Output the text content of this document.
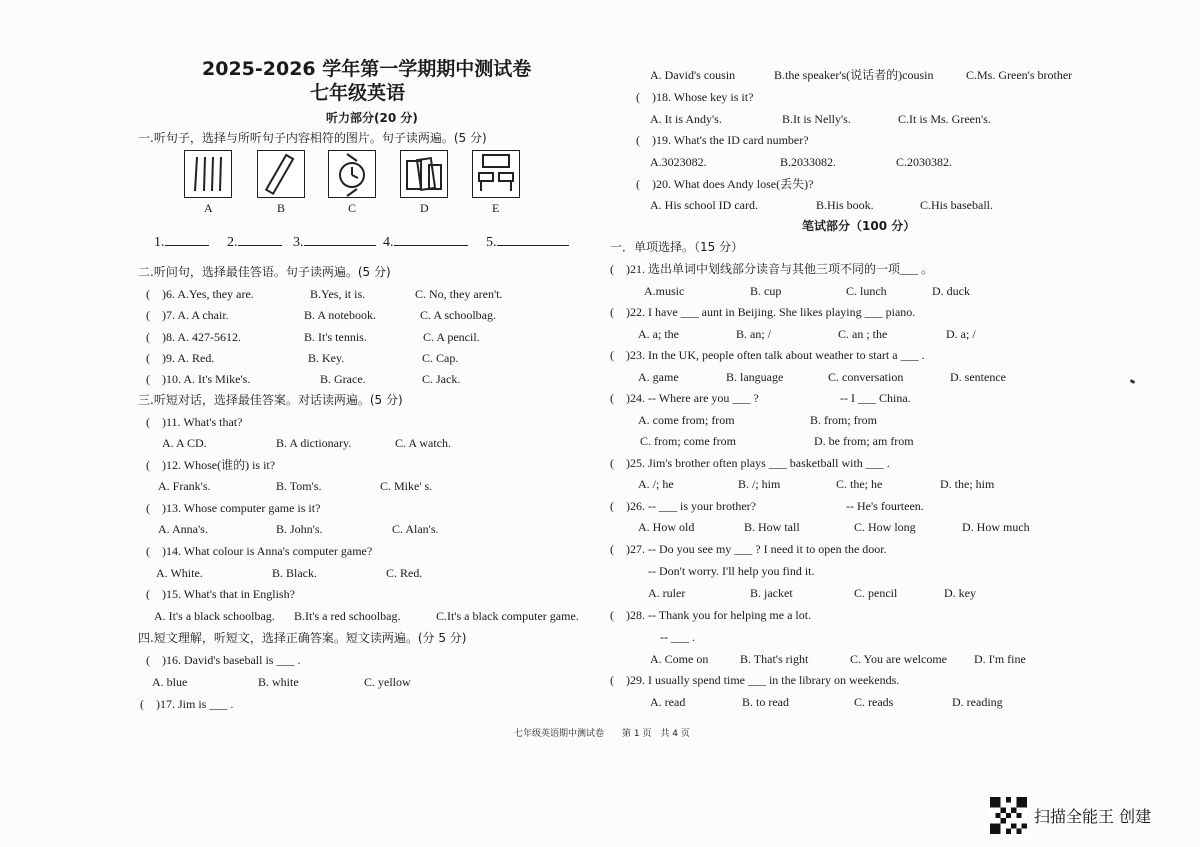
2025-2026 学年第一学期期中测试卷
七年级英语
听力部分(20 分)
一.听句子，选择与所听句子内容相符的图片。句子读两遍。(5 分)
A	B	C	D	E
1.	2.	3.	4.	5.
二.听问句，选择最佳答语。句子读两遍。(5 分)
(　)6. A.Yes, they are.	B.Yes, it is.	C. No, they aren't.
(　)7. A. A chair.	B. A notebook.	C. A schoolbag.
(　)8. A. 427-5612.	B. It's tennis.	C. A pencil.
(　)9. A. Red.	B. Key.	C. Cap.
(　)10. A. It's Mike's.	B. Grace.	C. Jack.
三.听短对话，选择最佳答案。对话读两遍。(5 分)
(　)11. What's that?
A. A CD.	B. A dictionary.	C. A watch.
(　)12. Whose(谁的) is it?
A. Frank's.	B. Tom's.	C. Mike' s.
(　)13. Whose computer game is it?
A. Anna's.	B. John's.	C. Alan's.
(　)14. What colour is Anna's computer game?
A. White.	B. Black.	C. Red.
(　)15. What's that in English?
A. It's a black schoolbag. B.It's a red schoolbag.	C.It's a black computer game.
四.短文理解，听短文，选择正确答案。短文读两遍。(分 5 分)
(　)16. David's baseball is ___ .
A. blue	B. white	C. yellow
(　)17. Jim is ___ .
A. David's cousin	B.the speaker's(说话者的)cousin	C.Ms. Green's brother
(　)18. Whose key is it?
A. It is Andy's.	B.It is Nelly's.	C.It is Ms. Green's.
(　)19. What's the ID card number?
A.3023082.	B.2033082.	C.2030382.
(　)20. What does Andy lose(丢失)?
A. His school ID card.	B.His book.	C.His baseball.
笔试部分（100 分）
一．单项选择。（15 分）
(　)21. 选出单词中划线部分读音与其他三项不同的一项___ 。
A.music	B. cup	C. lunch	D. duck
(　)22. I have ___ aunt in Beijing. She likes playing ___ piano.
A. a; the	B. an; /	C. an ; the	D. a; /
(　)23. In the UK, people often talk about weather to start a ___ .
A. game	B. language	C. conversation	D. sentence
(　)24. -- Where are you ___ ?	-- I ___ China.
A. come from; from	B. from; from
C. from; come from	D. be from; am from
(　)25. Jim's brother often plays ___ basketball with ___ .
A. /; he	B. /; him	C. the; he	D. the; him
(　)26. -- ___ is your brother?	-- He's fourteen.
A. How old	B. How tall	C. How long	D. How much
(　)27. -- Do you see my ___ ? I need it to open the door.
-- Don't worry. I'll help you find it.
A. ruler	B. jacket	C. pencil	D. key
(　)28. -- Thank you for helping me a lot.
-- ___ .
A. Come on	B. That's right	C. You are welcome D. I'm fine
(　)29. I usually spend time ___ in the library on weekends.
A. read	B. to read	C. reads	D. reading
七年级英语期中测试卷　　第 1 页　共 4 页
扫描全能王 创建
